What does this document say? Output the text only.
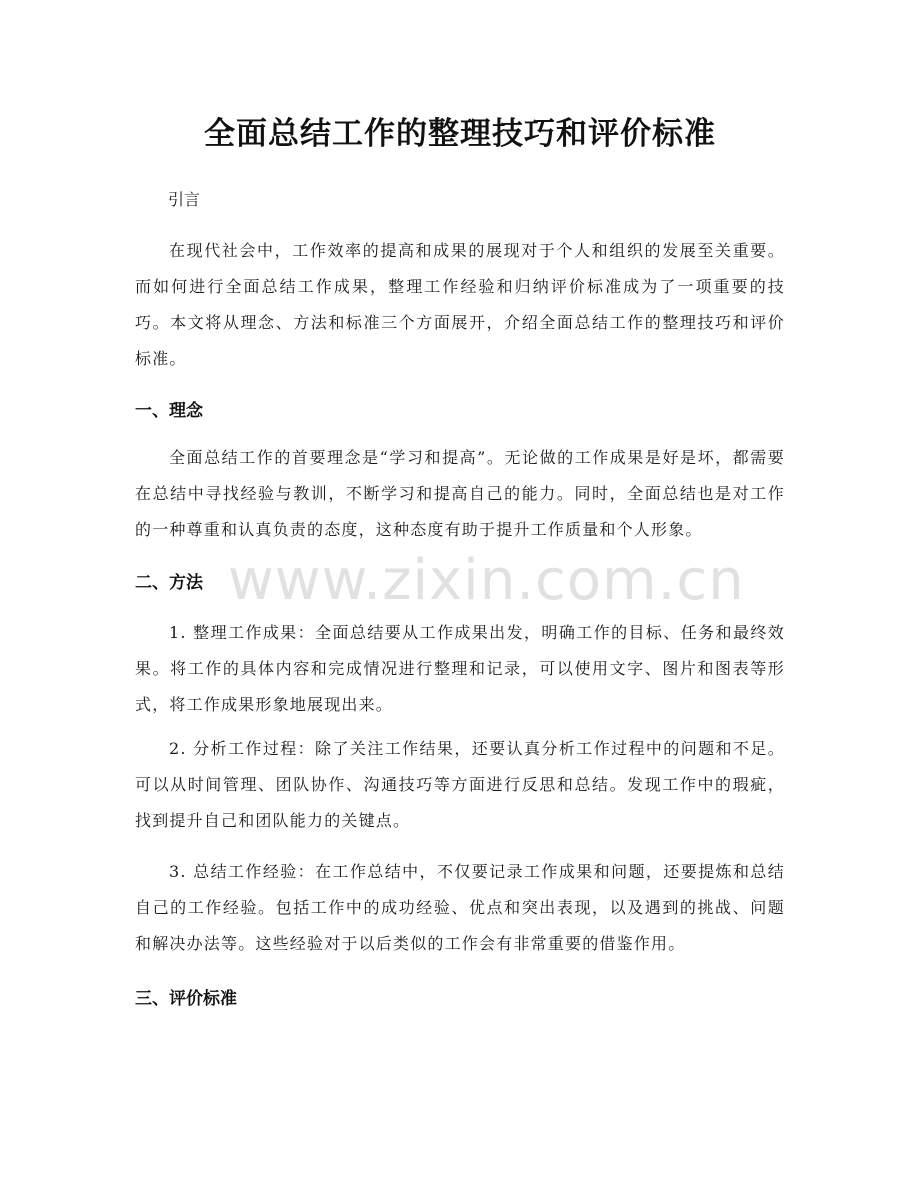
全面总结工作的整理技巧和评价标准
引言

在现代社会中，工作效率的提高和成果的展现对于个人和组织的发展至关重要。而如何进行全面总结工作成果，整理工作经验和归纳评价标准成为了一项重要的技巧。本文将从理念、方法和标准三个方面展开，介绍全面总结工作的整理技巧和评价标准。

一、理念

全面总结工作的首要理念是“学习和提高”。无论做的工作成果是好是坏，都需要在总结中寻找经验与教训，不断学习和提高自己的能力。同时，全面总结也是对工作的一种尊重和认真负责的态度，这种态度有助于提升工作质量和个人形象。

二、方法

1. 整理工作成果：全面总结要从工作成果出发，明确工作的目标、任务和最终效果。将工作的具体内容和完成情况进行整理和记录，可以使用文字、图片和图表等形式，将工作成果形象地展现出来。

2. 分析工作过程：除了关注工作结果，还要认真分析工作过程中的问题和不足。可以从时间管理、团队协作、沟通技巧等方面进行反思和总结。发现工作中的瑕疵，找到提升自己和团队能力的关键点。

3. 总结工作经验：在工作总结中，不仅要记录工作成果和问题，还要提炼和总结自己的工作经验。包括工作中的成功经验、优点和突出表现，以及遇到的挑战、问题和解决办法等。这些经验对于以后类似的工作会有非常重要的借鉴作用。

三、评价标准
www.zixin.com.cn
